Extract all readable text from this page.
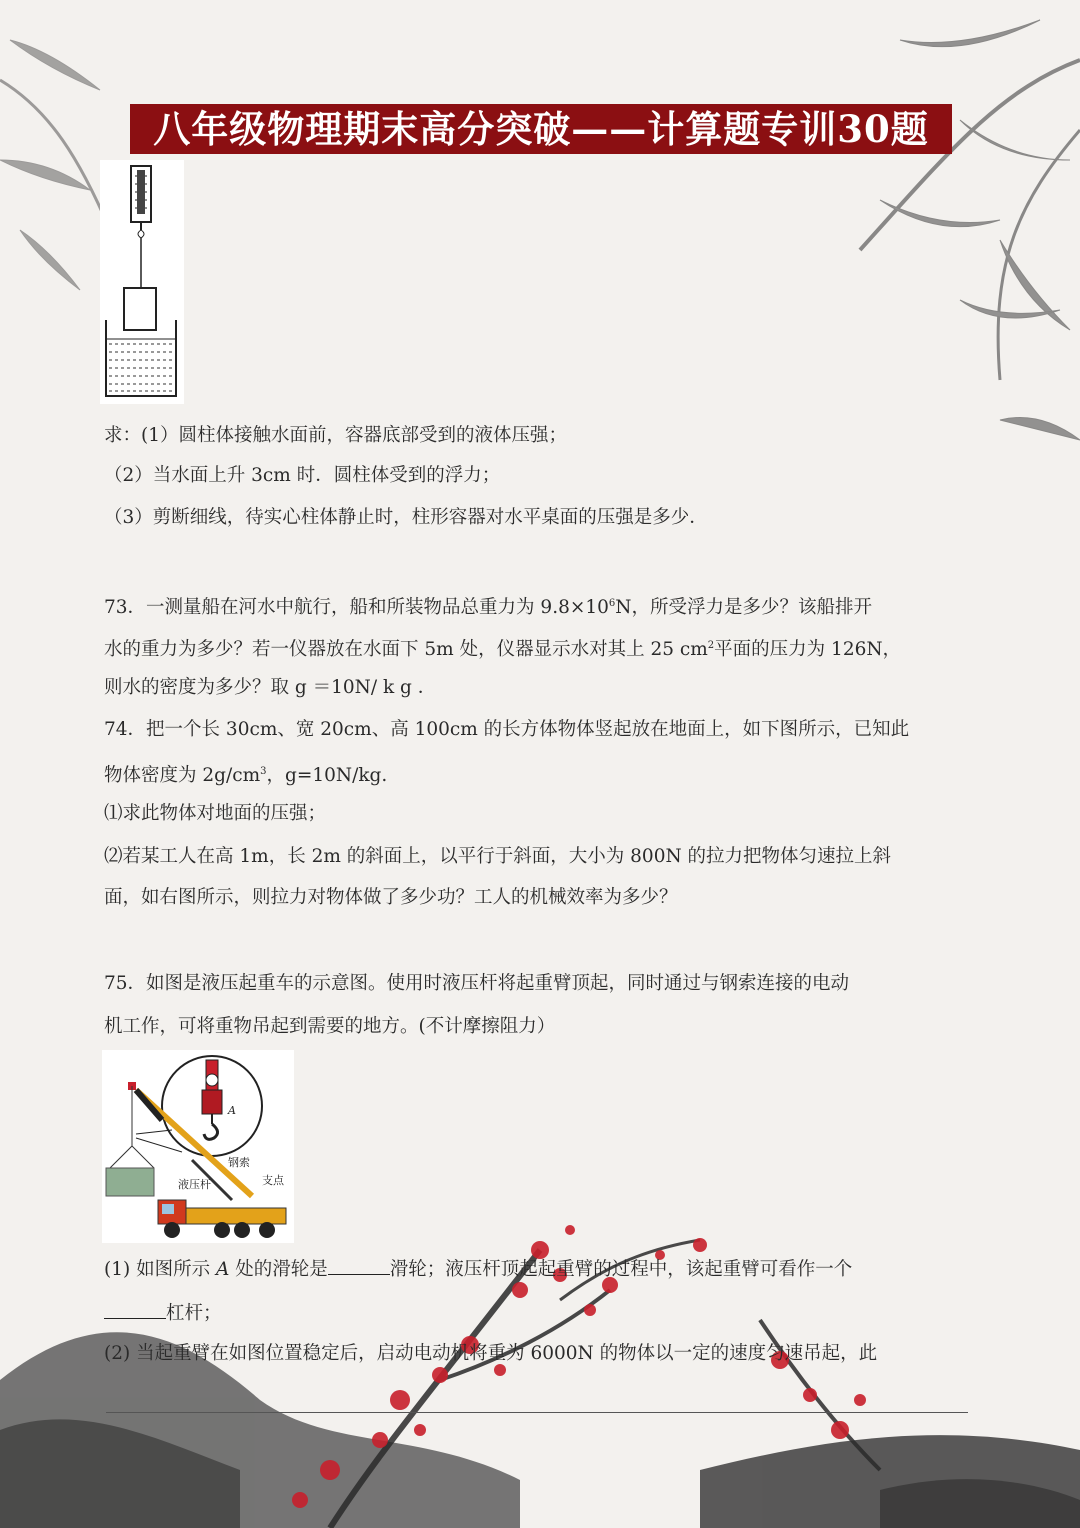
八年级物理期末高分突破——计算题专训30题
求：(1）圆柱体接触水面前，容器底部受到的液体压强；
（2）当水面上升 3cm 时．圆柱体受到的浮力；
（3）剪断细线，待实心柱体静止时，柱形容器对水平桌面的压强是多少．
73．一测量船在河水中航行，船和所装物品总重力为 $9.8\times 10^6N$，所受浮力是多少？该船排开
水的重力为多少？若一仪器放在水面下 5m 处，仪器显示水对其上 25 $cm^2$平面的压力为 126N，
则水的密度为多少？取 g ＝10N/ k g ．
74．把一个长 30cm、宽 20cm、高 100cm 的长方体物体竖起放在地面上，如下图所示，已知此
物体密度为 $2g/cm^3$，g=10N/kg.
⑴求此物体对地面的压强；
⑵若某工人在高 1m，长 2m 的斜面上，以平行于斜面，大小为 800N 的拉力把物体匀速拉上斜
面，如右图所示，则拉力对物体做了多少功？工人的机械效率为多少？
75．如图是液压起重车的示意图。使用时液压杆将起重臂顶起，同时通过与钢索连接的电动
机工作，可将重物吊起到需要的地方。(不计摩擦阻力）
A
钢索
支点
液压杆
(1) 如图所示 A 处的滑轮是	滑轮；液压杆顶起起重臂的过程中，该起重臂可看作一个
杠杆；
(2) 当起重臂在如图位置稳定后，启动电动机将重为 6000N 的物体以一定的速度匀速吊起，此
